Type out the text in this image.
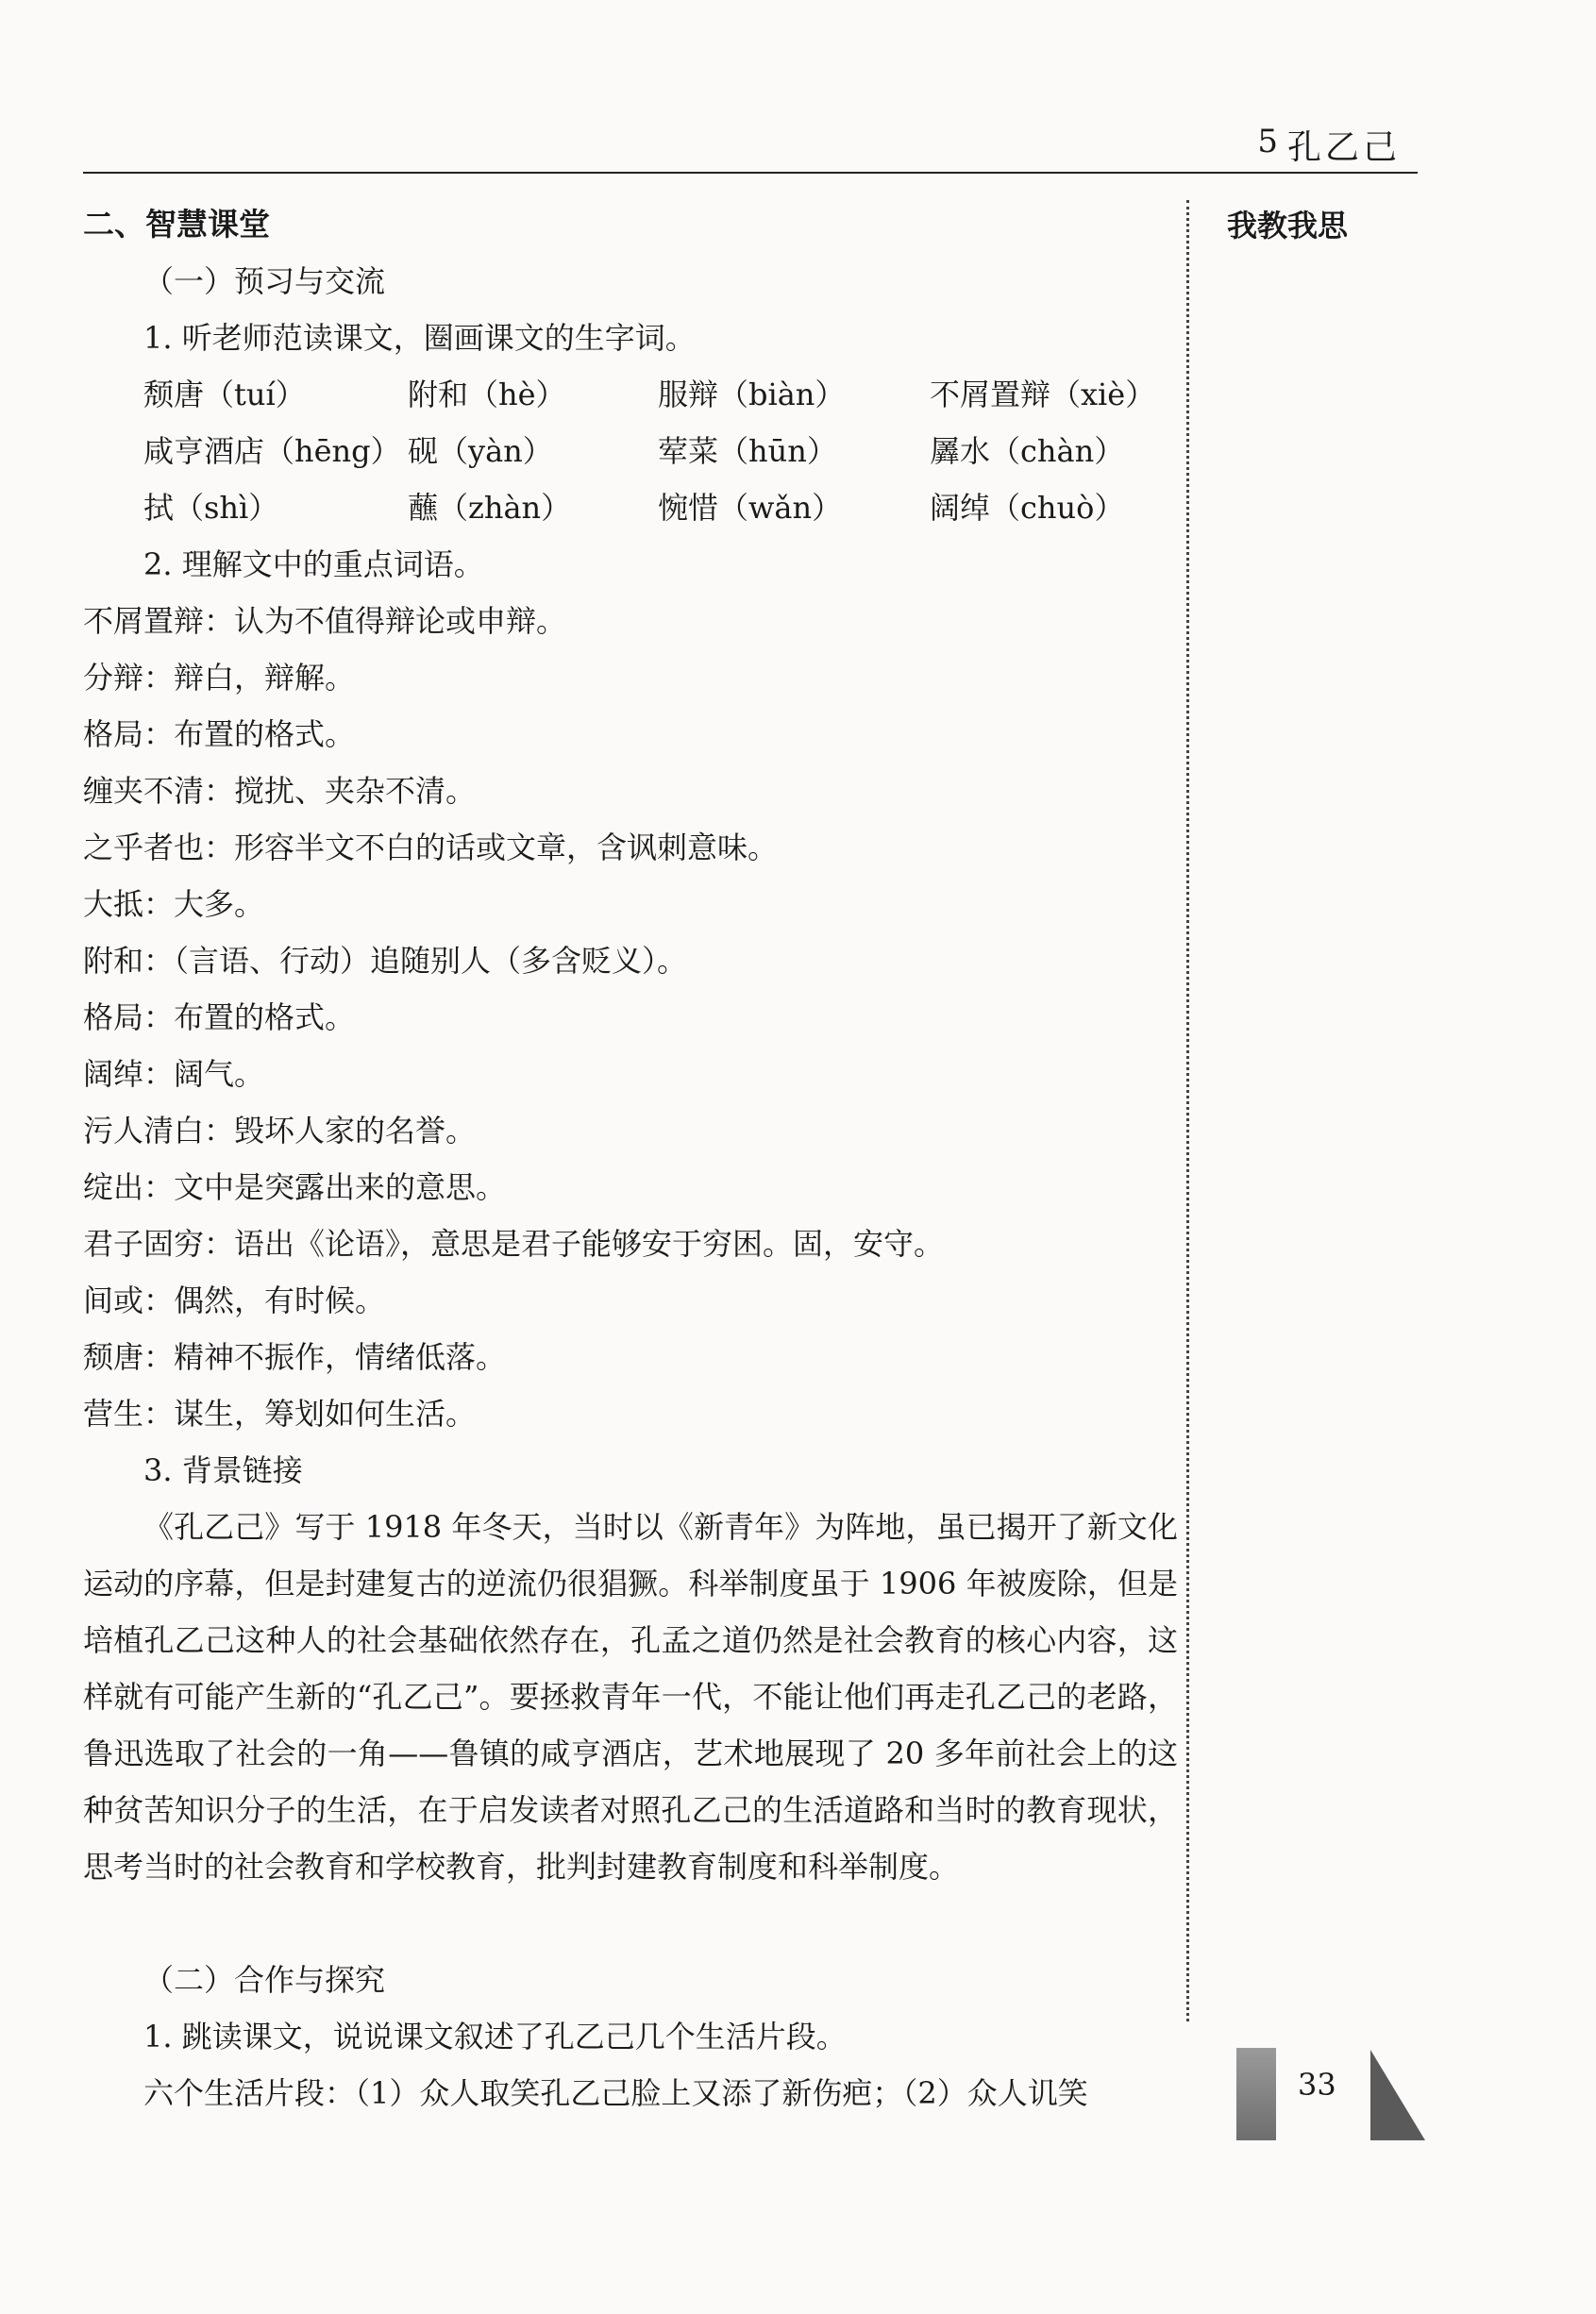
5 孔乙己
我教我思
二、智慧课堂
（一）预习与交流
1. 听老师范读课文，圈画课文的生字词。
颓唐（tuí）	附和（hè）	服辩（biàn）	不屑置辩（xiè）
咸亨酒店（hēng） 砚（yàn）	荤菜（hūn）	羼水（chàn）
拭（shì）	蘸（zhàn）	惋惜（wǎn）	阔绰（chuò）
2. 理解文中的重点词语。
不屑置辩：认为不值得辩论或申辩。
分辩：辩白，辩解。
格局：布置的格式。
缠夹不清：搅扰、夹杂不清。
之乎者也：形容半文不白的话或文章，含讽刺意味。
大抵：大多。
附和：（言语、行动）追随别人（多含贬义）。
格局：布置的格式。
阔绰：阔气。
污人清白：毁坏人家的名誉。
绽出：文中是突露出来的意思。
君子固穷：语出《论语》，意思是君子能够安于穷困。固，安守。
间或：偶然，有时候。
颓唐：精神不振作，情绪低落。
营生：谋生，筹划如何生活。
3. 背景链接

《孔乙己》写于 1918 年冬天，当时以《新青年》为阵地，虽已揭开了新文化运动的序幕，但是封建复古的逆流仍很猖獗。科举制度虽于 1906 年被废除，但是培植孔乙己这种人的社会基础依然存在，孔孟之道仍然是社会教育的核心内容，这样就有可能产生新的“孔乙己”。要拯救青年一代，不能让他们再走孔乙己的老路，鲁迅选取了社会的一角——鲁镇的咸亨酒店，艺术地展现了 20 多年前社会上的这种贫苦知识分子的生活，在于启发读者对照孔乙己的生活道路和当时的教育现状，思考当时的社会教育和学校教育，批判封建教育制度和科举制度。

（二）合作与探究
1. 跳读课文，说说课文叙述了孔乙己几个生活片段。
六个生活片段：（1）众人取笑孔乙己脸上又添了新伤疤；（2）众人讥笑	33
